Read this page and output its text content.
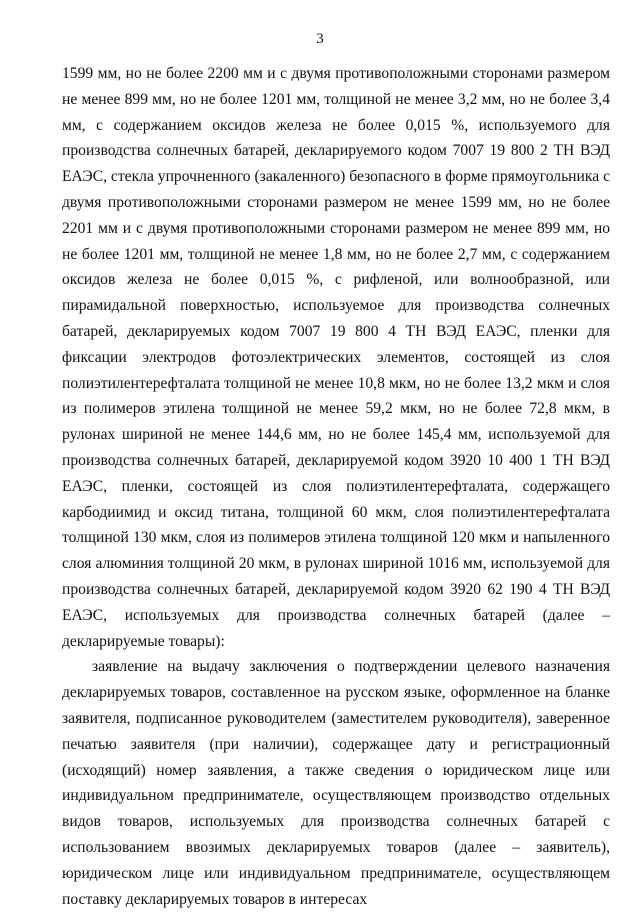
3

1599 мм, но не более 2200 мм и с двумя противоположными сторонами размером не менее 899 мм, но не более 1201 мм, толщиной не менее 3,2 мм, но не более 3,4 мм, с содержанием оксидов железа не более 0,015 %, используемого для производства солнечных батарей, декларируемого кодом 7007 19 800 2 ТН ВЭД ЕАЭС, стекла упрочненного (закаленного) безопасного в форме прямоугольника с двумя противоположными сторонами размером не менее 1599 мм, но не более 2201 мм и с двумя противоположными сторонами размером не менее 899 мм, но не более 1201 мм, толщиной не менее 1,8 мм, но не более 2,7 мм, с содержанием оксидов железа не более 0,015 %, с рифленой, или волнообразной, или пирамидальной поверхностью, используемое для производства солнечных батарей, декларируемых кодом 7007 19 800 4 ТН ВЭД ЕАЭС, пленки для фиксации электродов фотоэлектрических элементов, состоящей из слоя полиэтилентерефталата толщиной не менее 10,8 мкм, но не более 13,2 мкм и слоя из полимеров этилена толщиной не менее 59,2 мкм, но не более 72,8 мкм, в рулонах шириной не менее 144,6 мм, но не более 145,4 мм, используемой для производства солнечных батарей, декларируемой кодом 3920 10 400 1 ТН ВЭД ЕАЭС, пленки, состоящей из слоя полиэтилентерефталата, содержащего карбодиимид и оксид титана, толщиной 60 мкм, слоя полиэтилентерефталата толщиной 130 мкм, слоя из полимеров этилена толщиной 120 мкм и напыленного слоя алюминия толщиной 20 мкм, в рулонах шириной 1016 мм, используемой для производства солнечных батарей, декларируемой кодом 3920 62 190 4 ТН ВЭД ЕАЭС, используемых для производства солнечных батарей (далее – декларируемые товары):

заявление на выдачу заключения о подтверждении целевого назначения декларируемых товаров, составленное на русском языке, оформленное на бланке заявителя, подписанное руководителем (заместителем руководителя), заверенное печатью заявителя (при наличии), содержащее дату и регистрационный (исходящий) номер заявления, а также сведения о юридическом лице или индивидуальном предпринимателе, осуществляющем производство отдельных видов товаров, используемых для производства солнечных батарей с использованием ввозимых декларируемых товаров (далее – заявитель), юридическом лице или индивидуальном предпринимателе, осуществляющем поставку декларируемых товаров в интересах
